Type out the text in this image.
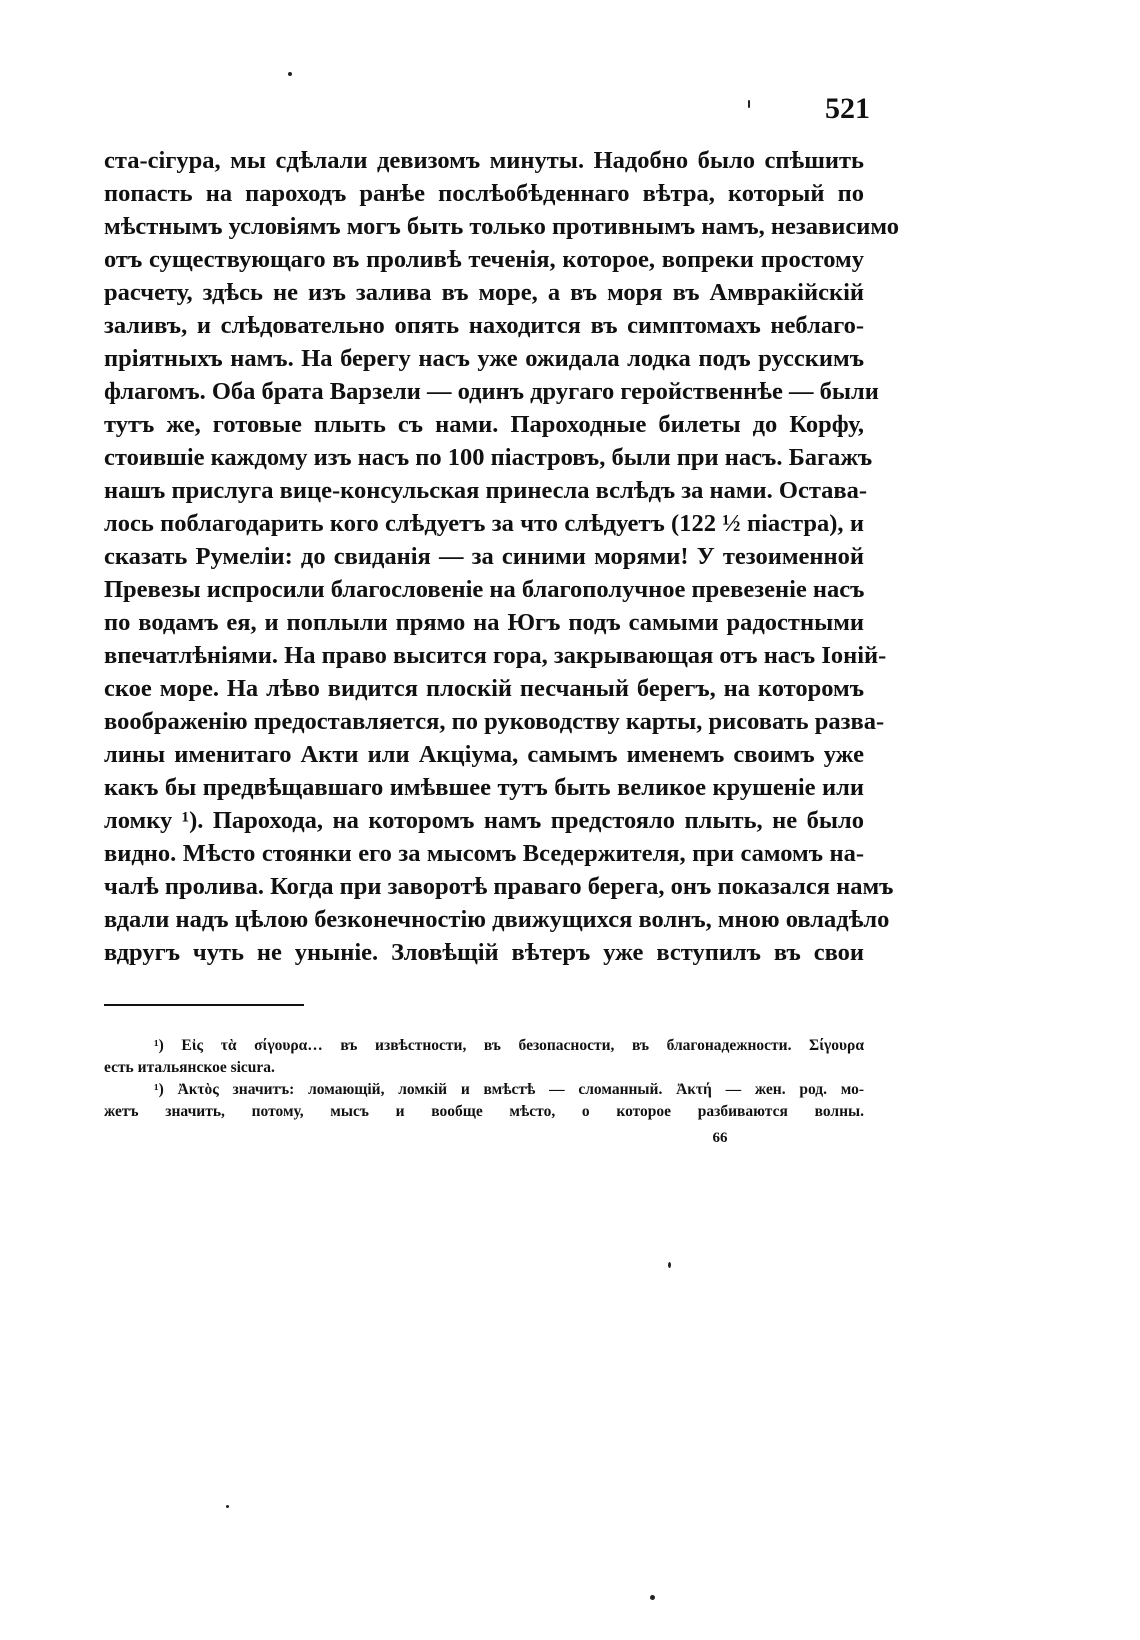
521
ста-сiгура, мы сдѣлали девизомъ минуты. Надобно было спѣшить
попасть на пароходъ ранѣе послѣобѣденнаго вѣтра, который по
мѣстнымъ условiямъ могъ быть только противнымъ намъ, независимо
отъ существующаго въ проливѣ теченiя, которое, вопреки простому
расчету, здѣсь не изъ залива въ море, а въ моря въ Амвракiйскiй
заливъ, и слѣдовательно опять находится въ симптомахъ неблаго-
прiятныхъ намъ. На берегу насъ уже ожидала лодка подъ русскимъ
флагомъ. Оба брата Варзели — одинъ другаго геройственнѣе — были
тутъ же, готовые плыть съ нами. Пароходные билеты до Корфу,
стоившiе каждому изъ насъ по 100 пiастровъ, были при насъ. Багажъ
нашъ прислуга вице-консульская принесла вслѣдъ за нами. Остава-
лось поблагодарить кого слѣдуетъ за что слѣдуетъ (122 ½ пiастра), и
сказать Румелiи: до свиданiя — за синими морями! У тезоименной
Превезы испросили благословенiе на благополучное превезенiе насъ
по водамъ ея, и поплыли прямо на Югъ подъ самыми радостными
впечатлѣнiями. На право высится гора, закрывающая отъ насъ Iонiй-
ское море. На лѣво видится плоскiй песчаный берегъ, на которомъ
воображенiю предоставляется, по руководству карты, рисовать разва-
лины именитаго Акти или Акцiума, самымъ именемъ своимъ уже
какъ бы предвѣщавшаго имѣвшее тутъ быть великое крушенiе или
ломку ¹). Парохода, на которомъ намъ предстояло плыть, не было
видно. Мѣсто стоянки его за мысомъ Вседержителя, при самомъ на-
чалѣ пролива. Когда при заворотѣ праваго берега, онъ показался намъ
вдали надъ цѣлою безконечностiю движущихся волнъ, мною овладѣло
вдругъ чуть не унынiе. Зловѣщiй вѣтеръ уже вступилъ въ свои
¹) Εἰς τὰ σίγουρα… въ извѣстности, въ безопасности, въ благонадежности. Σίγουρα
есть итальянское sicura.
¹) Ἀκτὸς значитъ: ломающiй, ломкiй и вмѣстѣ — сломанный. Ἀκτή — жен. род. мо-
жетъ значить, потому, мысъ и вообще мѣсто, о которое разбиваются волны.
66
